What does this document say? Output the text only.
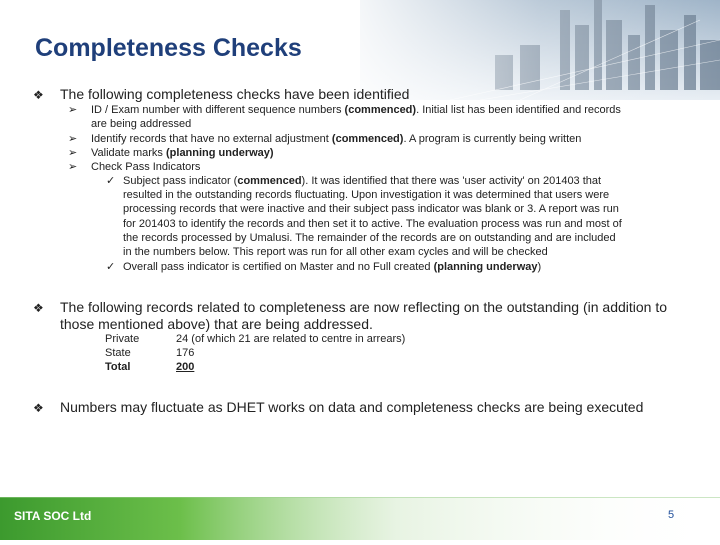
Completeness Checks
❖ The following completeness checks have been identified
➢ ID / Exam number with different sequence numbers (commenced). Initial list has been identified and records
are being addressed
➢ Identify records that have no external adjustment (commenced). A program is currently being written
➢ Validate marks (planning underway)
➢ Check Pass Indicators
✓ Subject pass indicator (commenced). It was identified that there was 'user activity' on 201403 that
resulted in the outstanding records fluctuating. Upon investigation it was determined that users were
processing records that were inactive and their subject pass indicator was blank or 3. A report was run
for 201403 to identify the records and then set it to active. The evaluation process was run and most of
the records processed by Umalusi. The remainder of the records are on outstanding and are included
in the numbers below. This report was run for all other exam cycles and will be checked
✓ Overall pass indicator is certified on Master and no Full created (planning underway)
❖ The following records related to completeness are now reflecting on the outstanding (in addition to
those mentioned above) that are being addressed.
Private	24 (of which 21 are related to centre in arrears)
State	176
Total	200
❖ Numbers may fluctuate as DHET works on data and completeness checks are being executed
SITA SOC Ltd	5
